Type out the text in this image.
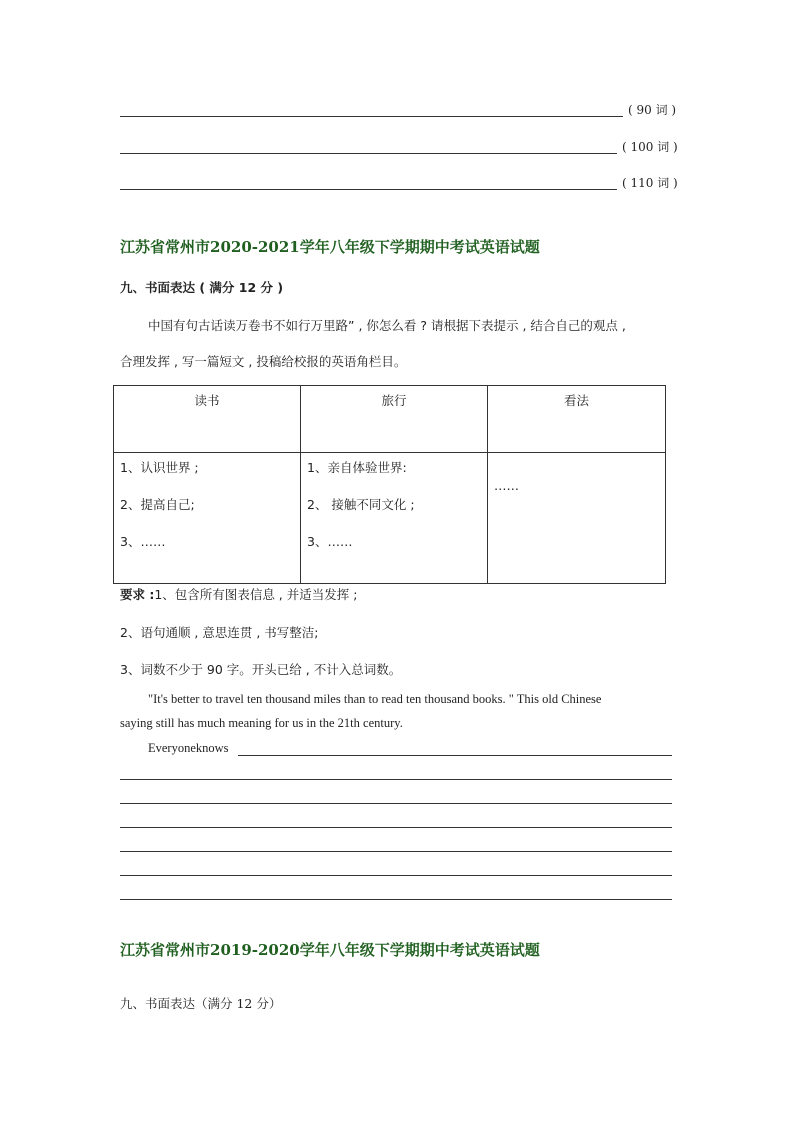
( 90 词 )
( 100 词 )
( 110 词 )
江苏省常州市2020-2021学年八年级下学期期中考试英语试题
九、书面表达 ( 满分 12 分 )
中国有句古话读万卷书不如行万里路” , 你怎么看 ? 请根据下表提示 , 结合自己的观点 ,
合理发挥 , 写一篇短文 , 投稿给校报的英语角栏目。
读书	旅行	看法

1、认识世界 ;
2、提高自己;
3、……	1、亲自体验世界:
2、 接触不同文化 ;
3、……	……
要求 :1、包含所有图表信息 , 并适当发挥 ;
2、语句通顺 , 意思连贯 , 书写整洁;
3、词数不少于 90 字。开头已给 , 不计入总词数。
"It's better to travel ten thousand miles than to read ten thousand books. " This old Chinese
saying still has much meaning for us in the 21th century.
Everyoneknows
江苏省常州市2019-2020学年八年级下学期期中考试英语试题
九、书面表达（满分 12 分）
